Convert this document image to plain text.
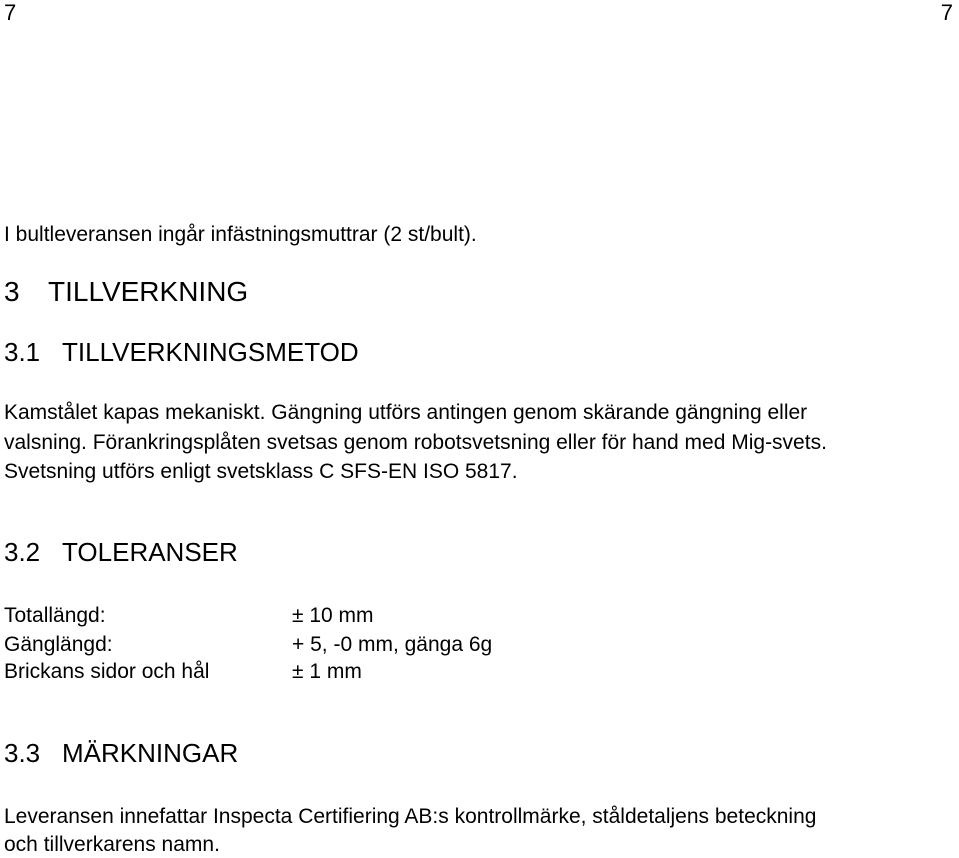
7	7
I bultleveransen ingår infästningsmuttrar (2 st/bult).
3 TILLVERKNING
3.1 TILLVERKNINGSMETOD
Kamstålet kapas mekaniskt. Gängning utförs antingen genom skärande gängning eller
valsning. Förankringsplåten svetsas genom robotsvetsning eller för hand med Mig-svets.
Svetsning utförs enligt svetsklass C SFS-EN ISO 5817.
3.2 TOLERANSER
Totallängd:	± 10 mm
Gänglängd:	+ 5, -0 mm, gänga 6g
Brickans sidor och hål	± 1 mm
3.3 MÄRKNINGAR
Leveransen innefattar Inspecta Certifiering AB:s kontrollmärke, ståldetaljens beteckning
och tillverkarens namn.
